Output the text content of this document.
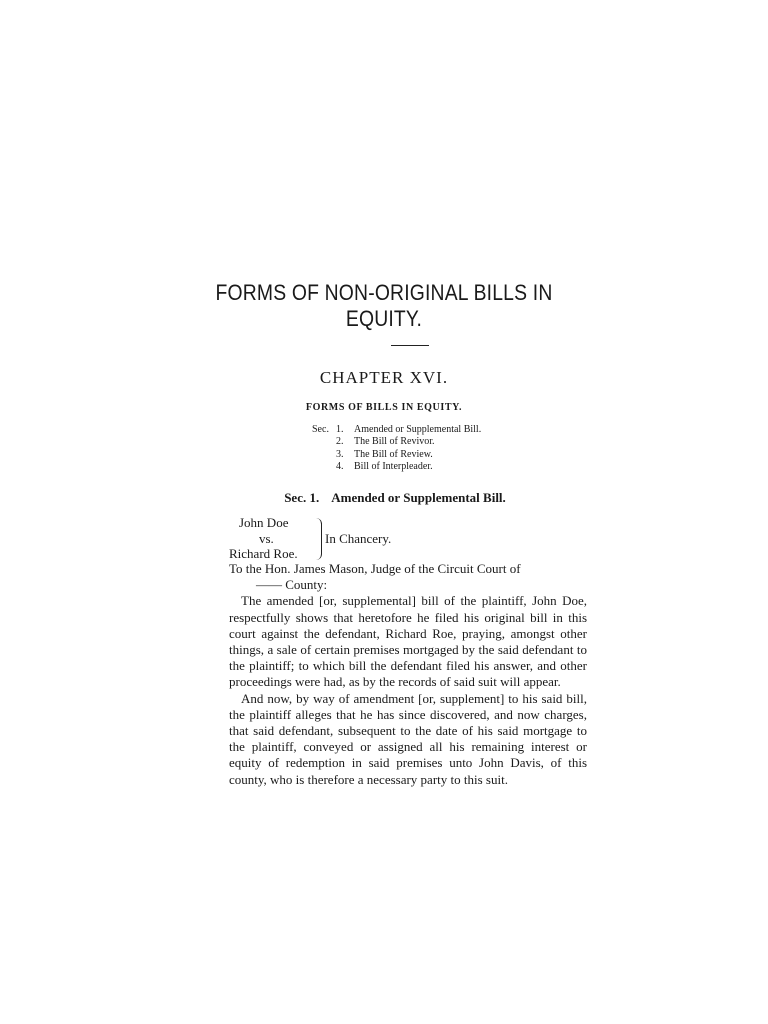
FORMS OF NON-ORIGINAL BILLS IN
EQUITY.
CHAPTER XVI.
FORMS OF BILLS IN EQUITY.
Sec. 1.	Amended or Supplemental Bill.
2.	The Bill of Revivor.
3.	The Bill of Review.
4.	Bill of Interpleader.
Sec. 1. Amended or Supplemental Bill.
John Doe
vs.
Richard Roe.
In Chancery.
To the Hon. James Mason, Judge of the Circuit Court of
—— County:

The amended [or, supplemental] bill of the plaintiff, John Doe, respectfully shows that heretofore he filed his original bill in this court against the defendant, Richard Roe, praying, amongst other things, a sale of certain premises mortgaged by the said defendant to the plaintiff; to which bill the defendant filed his answer, and other proceedings were had, as by the records of said suit will appear.

And now, by way of amendment [or, supplement] to his said bill, the plaintiff alleges that he has since discovered, and now charges, that said defendant, subsequent to the date of his said mortgage to the plaintiff, conveyed or assigned all his remaining interest or equity of redemption in said premises unto John Davis, of this county, who is therefore a necessary party to this suit.
